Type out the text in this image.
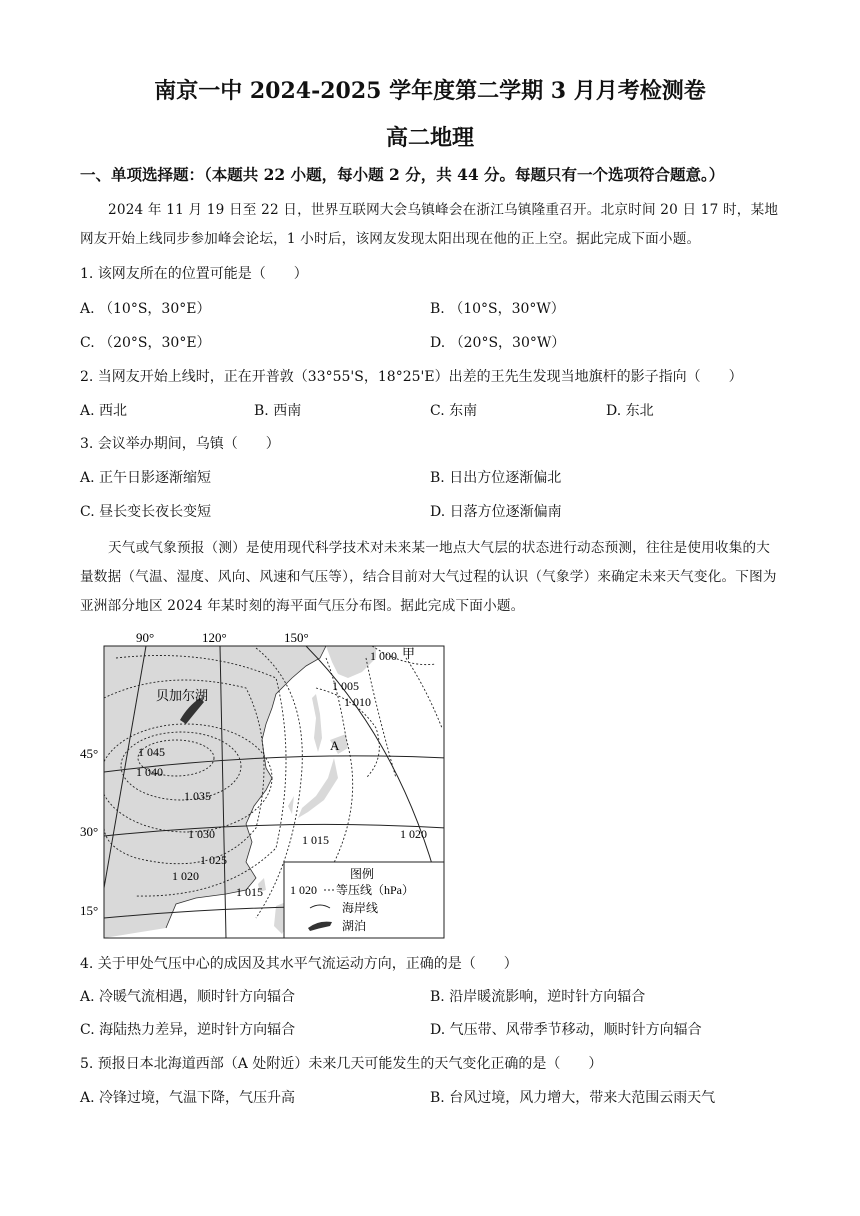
南京一中 2024-2025 学年度第二学期 3 月月考检测卷
高二地理
一、单项选择题：（本题共 22 小题，每小题 2 分，共 44 分。每题只有一个选项符合题意。）
2024 年 11 月 19 日至 22 日，世界互联网大会乌镇峰会在浙江乌镇隆重召开。北京时间 20 日 17 时，某地网友开始上线同步参加峰会论坛，1 小时后，该网友发现太阳出现在他的正上空。据此完成下面小题。
1. 该网友所在的位置可能是（　　）
A. （10°S，30°E）	B. （10°S，30°W）
C. （20°S，30°E）	D. （20°S，30°W）
2. 当网友开始上线时，正在开普敦（33°55'S，18°25'E）出差的王先生发现当地旗杆的影子指向（　　）
A. 西北	B. 西南	C. 东南	D. 东北
3. 会议举办期间，乌镇（　　）
A. 正午日影逐渐缩短	B. 日出方位逐渐偏北
C. 昼长变长夜长变短	D. 日落方位逐渐偏南
天气或气象预报（测）是使用现代科学技术对未来某一地点大气层的状态进行动态预测，往往是使用收集的大量数据（气温、湿度、风向、风速和气压等），结合目前对大气过程的认识（气象学）来确定未来天气变化。下图为亚洲部分地区 2024 年某时刻的海平面气压分布图。据此完成下面小题。
90°	120°	150°
45°
30°
15°
贝加尔湖
1 000 甲
1 005
1 010
A
1 045
1 040
1 035
1 030
1 025
1 020
1 015
1 015	1 020
图例
1 020 等压线（hPa）
海岸线
湖泊
4. 关于甲处气压中心的成因及其水平气流运动方向，正确的是（　　）
A. 冷暖气流相遇，顺时针方向辐合	B. 沿岸暖流影响，逆时针方向辐合
C. 海陆热力差异，逆时针方向辐合	D. 气压带、风带季节移动，顺时针方向辐合
5. 预报日本北海道西部（A 处附近）未来几天可能发生的天气变化正确的是（　　）
A. 冷锋过境，气温下降，气压升高	B. 台风过境，风力增大，带来大范围云雨天气
